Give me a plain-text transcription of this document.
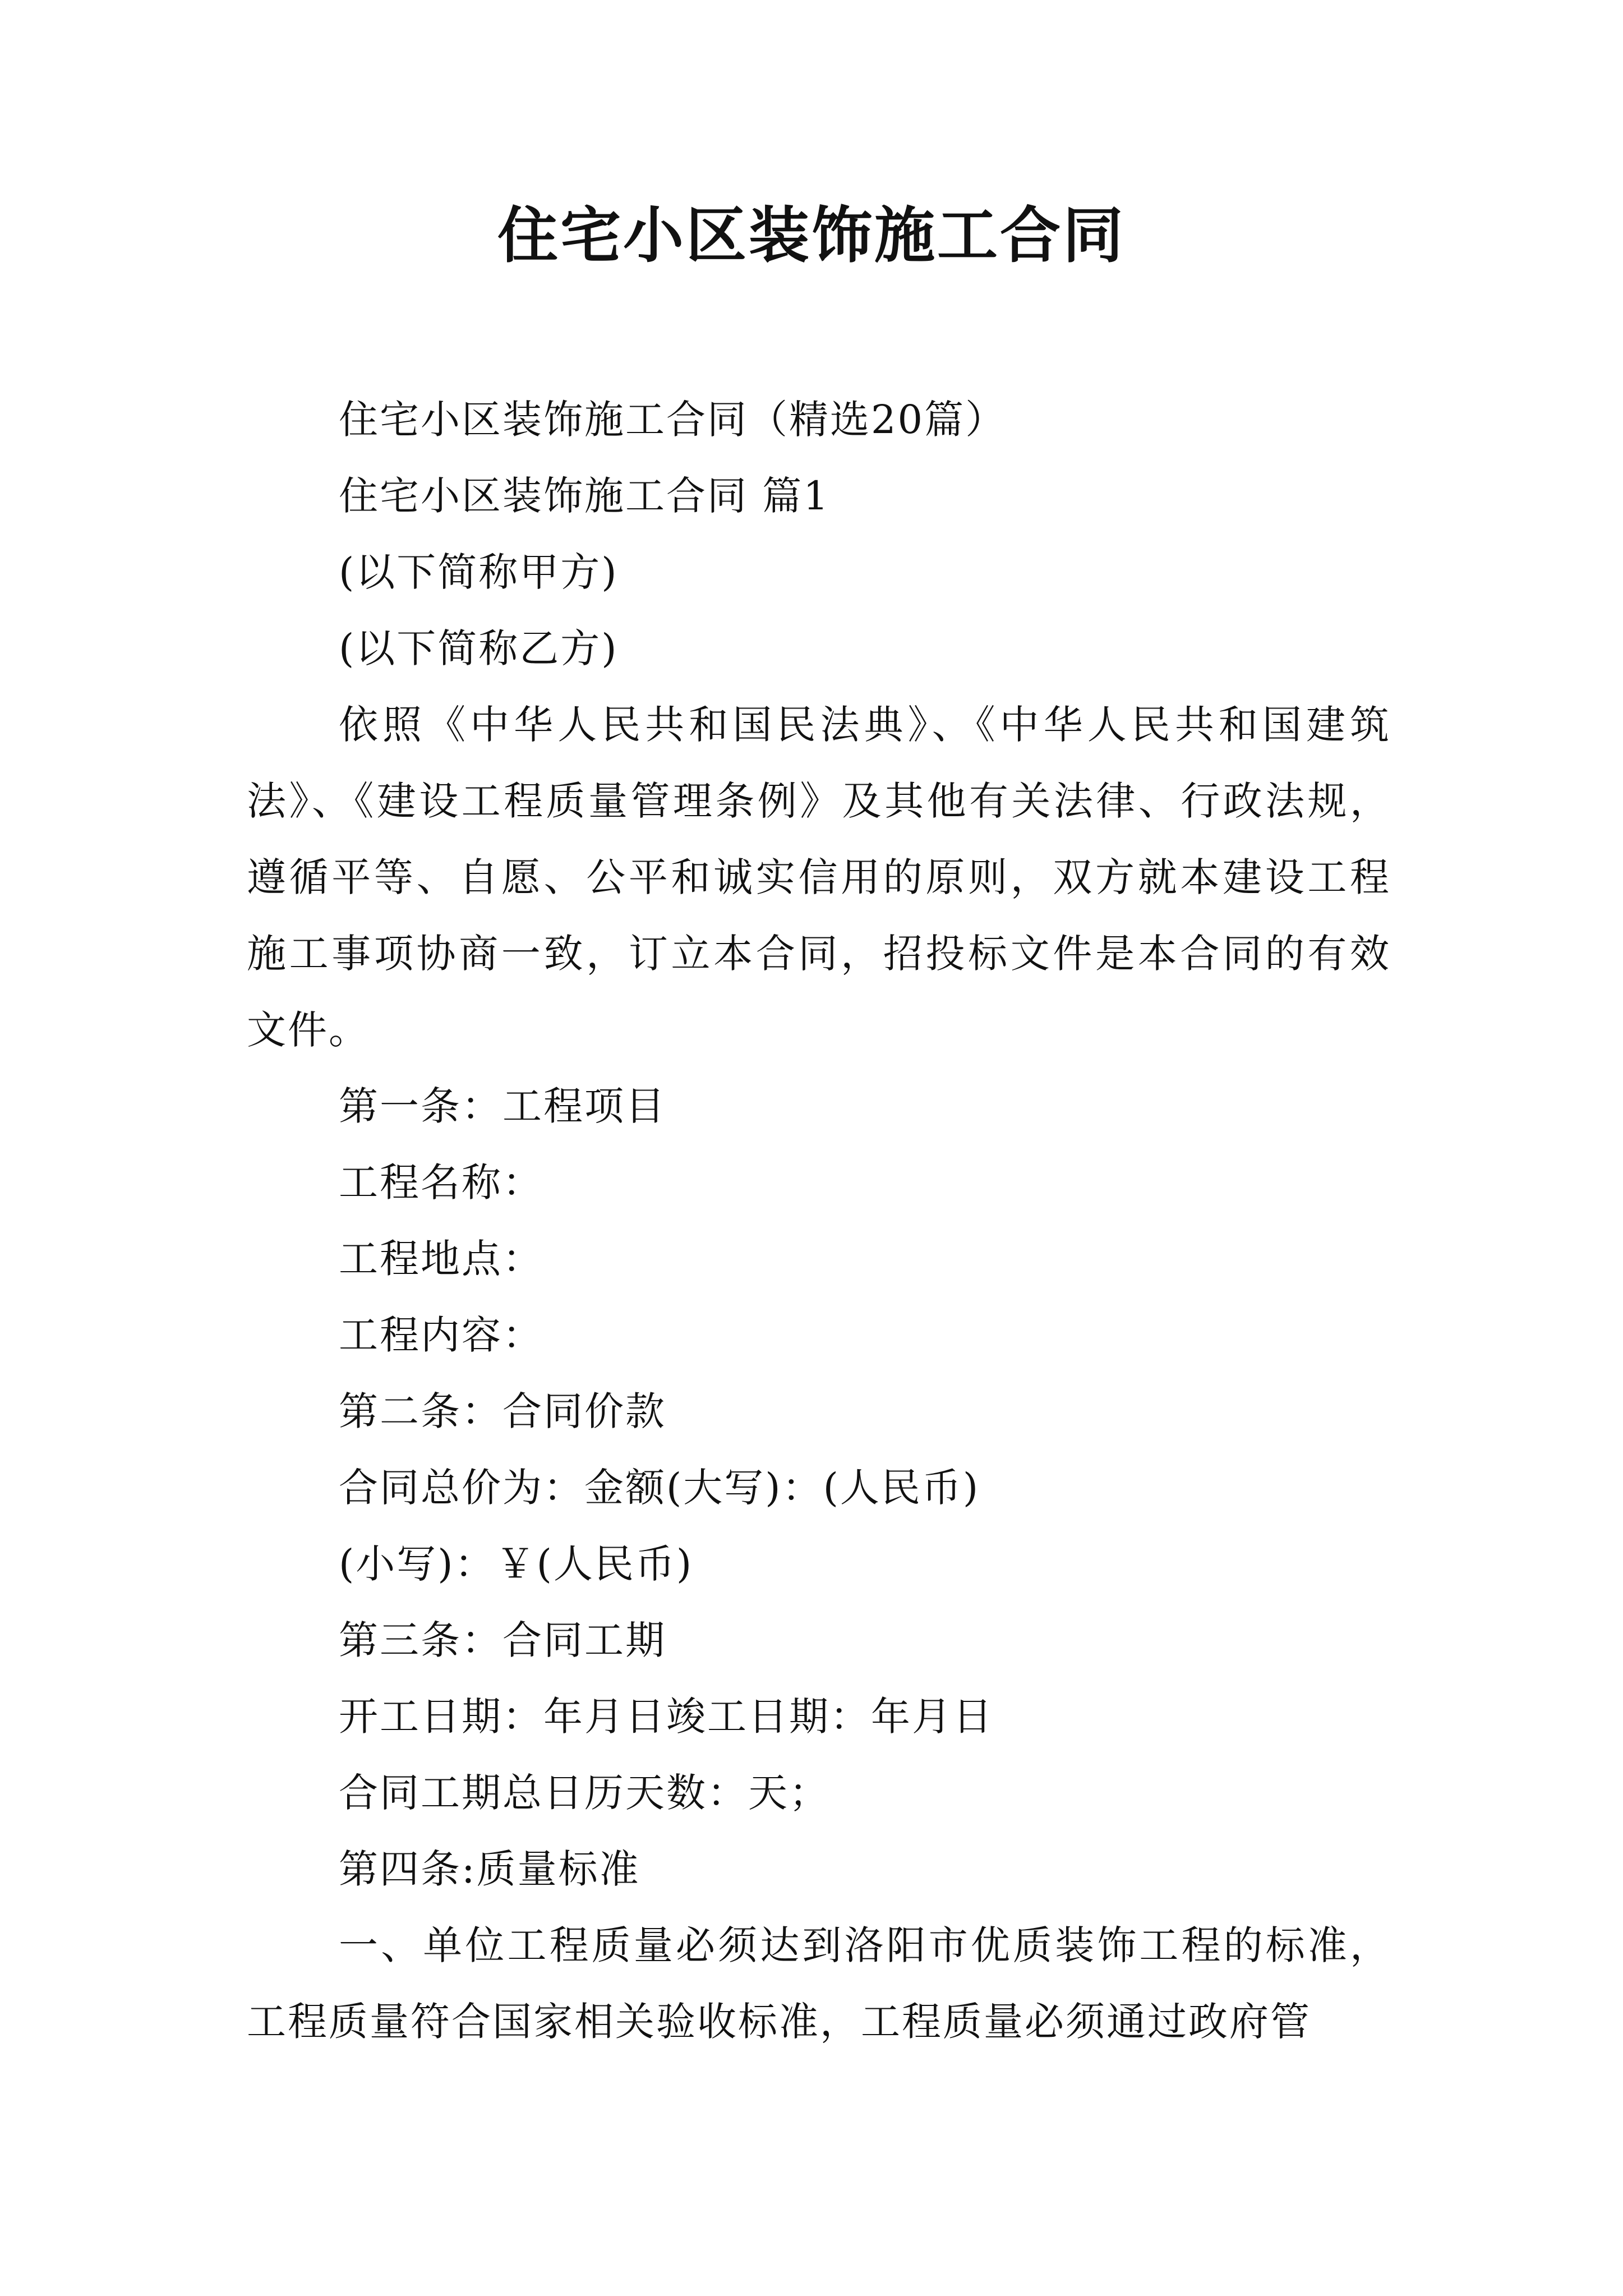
住宅小区装饰施工合同

住宅小区装饰施工合同（精选20篇）

住宅小区装饰施工合同 篇1

(以下简称甲方)

(以下简称乙方)

依照《中华人民共和国民法典》、《中华人民共和国建筑法》、《建设工程质量管理条例》及其他有关法律、行政法规，遵循平等、自愿、公平和诚实信用的原则，双方就本建设工程施工事项协商一致，订立本合同，招投标文件是本合同的有效文件。

第一条：工程项目

工程名称：

工程地点：

工程内容：

第二条：合同价款

合同总价为：金额(大写)：(人民币)

(小写)：￥(人民币)

第三条：合同工期

开工日期：年月日竣工日期：年月日

合同工期总日历天数：天；

第四条:质量标准

一、单位工程质量必须达到洛阳市优质装饰工程的标准，工程质量符合国家相关验收标准，工程质量必须通过政府管
